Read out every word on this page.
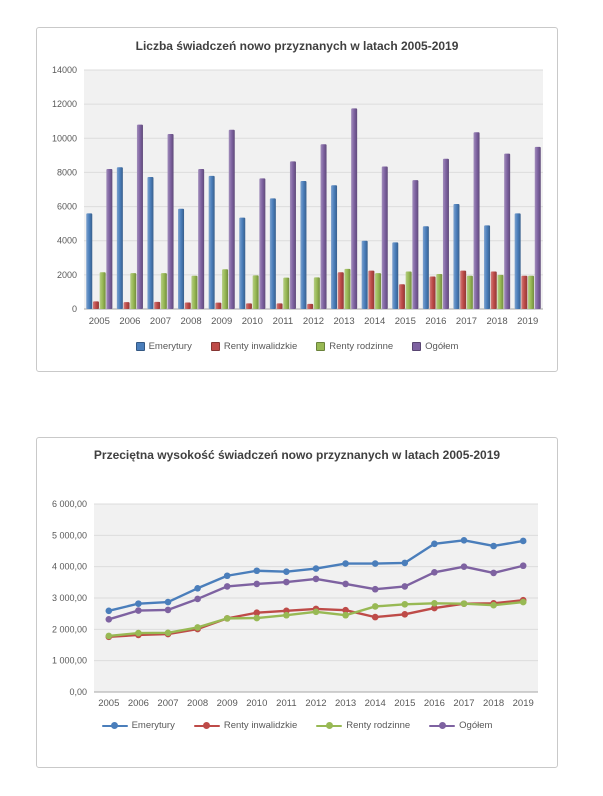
0
2000
4000
6000
8000
10000
12000
14000
2005 2006 2007 2008 2009 2010 2011 2012 2013 2014 2015 2016 2017 2018 2019
Liczba świadczeń nowo przyznanych w latach 2005-2019
Emerytury	Renty inwalidzkie	Renty rodzinne	Ogółem
0,00
1 000,00
2 000,00
3 000,00
4 000,00
5 000,00
6 000,00
2005 2006 2007 2008 2009 2010 2011 2012 2013 2014 2015 2016 2017 2018 2019
Przeciętna wysokość świadczeń nowo przyznanych w latach 2005-2019
Emerytury	Renty inwalidzkie	Renty rodzinne	Ogółem
